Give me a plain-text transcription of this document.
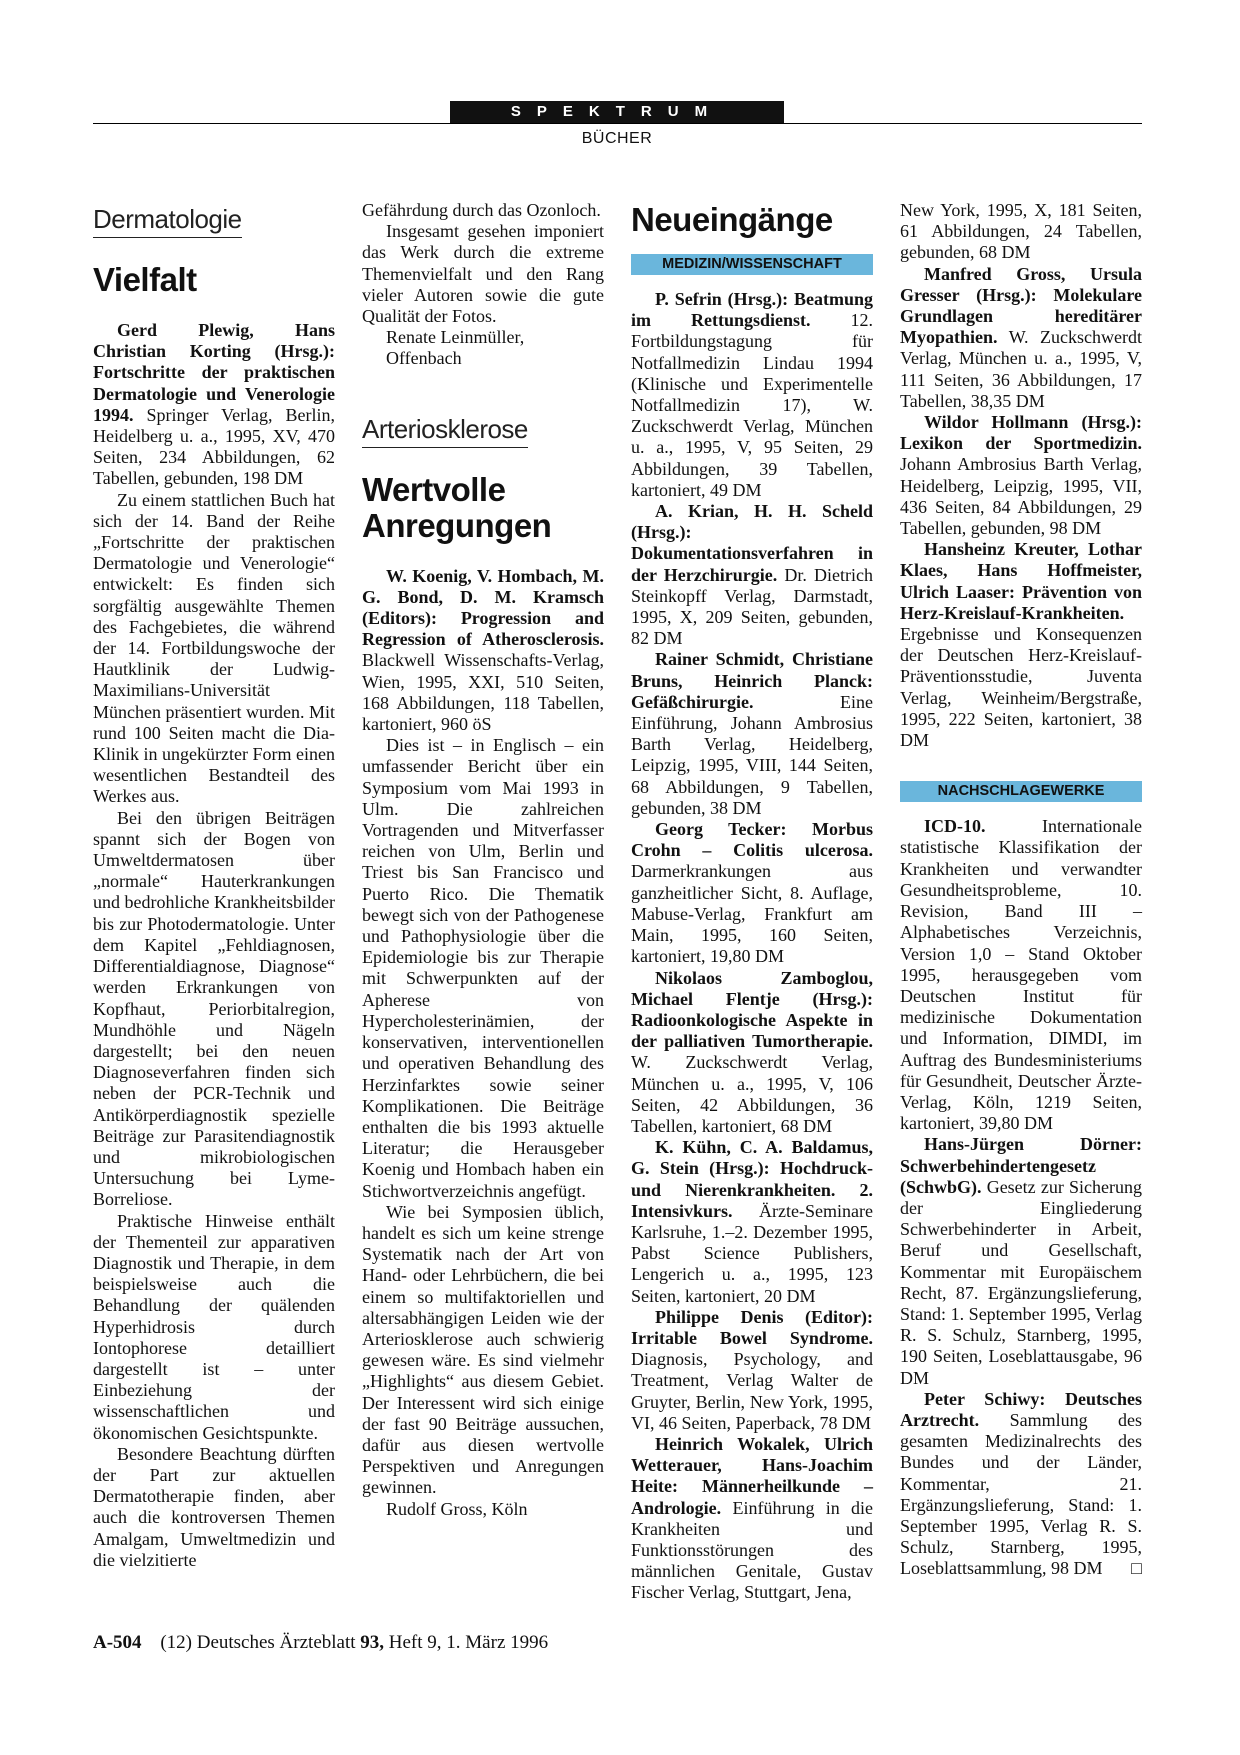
SPEKTRUM
BÜCHER
Dermatologie
Vielfalt

Gerd Plewig, Hans Christian Korting (Hrsg.): Fortschritte der praktischen Dermatologie und Venerologie 1994. Springer Verlag, Berlin, Heidelberg u. a., 1995, XV, 470 Seiten, 234 Abbildungen, 62 Tabellen, gebunden, 198 DM

Zu einem stattlichen Buch hat sich der 14. Band der Reihe „Fortschritte der praktischen Dermatologie und Venerologie“ entwickelt: Es finden sich sorgfältig ausgewählte Themen des Fachgebietes, die während der 14. Fortbildungswoche der Hautklinik der Ludwig-Maximilians-Universität München präsentiert wurden. Mit rund 100 Seiten macht die Dia-Klinik in ungekürzter Form einen wesentlichen Bestandteil des Werkes aus.

Bei den übrigen Beiträgen spannt sich der Bogen von Umweltdermatosen über „normale“ Hauterkrankungen und bedrohliche Krankheitsbilder bis zur Photodermatologie. Unter dem Kapitel „Fehldiagnosen, Differentialdiagnose, Diagnose“ werden Erkrankungen von Kopfhaut, Periorbitalregion, Mundhöhle und Nägeln dargestellt; bei den neuen Diagnoseverfahren finden sich neben der PCR-Technik und Antikörperdiagnostik spezielle Beiträge zur Parasitendiagnostik und mikrobiologischen Untersuchung bei Lyme-Borreliose.

Praktische Hinweise enthält der Thementeil zur apparativen Diagnostik und Therapie, in dem beispielsweise auch die Behandlung der quälenden Hyperhidrosis durch Iontophorese detailliert dargestellt ist – unter Einbeziehung der wissenschaftlichen und ökonomischen Gesichtspunkte.

Besondere Beachtung dürften der Part zur aktuellen Dermatotherapie finden, aber auch die kontroversen Themen Amalgam, Umweltmedizin und die vielzitierte

Gefährdung durch das Ozonloch.

Insgesamt gesehen imponiert das Werk durch die extreme Themenvielfalt und den Rang vieler Autoren sowie die gute Qualität der Fotos.

Renate Leinmüller,

Offenbach

Arteriosklerose
Wertvolle
Anregungen

W. Koenig, V. Hombach, M. G. Bond, D. M. Kramsch (Editors): Progression and Regression of Atherosclerosis. Blackwell Wissenschafts-Verlag, Wien, 1995, XXI, 510 Seiten, 168 Abbildungen, 118 Tabellen, kartoniert, 960 öS

Dies ist – in Englisch – ein umfassender Bericht über ein Symposium vom Mai 1993 in Ulm. Die zahlreichen Vortragenden und Mitverfasser reichen von Ulm, Berlin und Triest bis San Francisco und Puerto Rico. Die Thematik bewegt sich von der Pathogenese und Pathophysiologie über die Epidemiologie bis zur Therapie mit Schwerpunkten auf der Apherese von Hypercholesterinämien, der konservativen, interventionellen und operativen Behandlung des Herzinfarktes sowie seiner Komplikationen. Die Beiträge enthalten die bis 1993 aktuelle Literatur; die Herausgeber Koenig und Hombach haben ein Stichwortverzeichnis angefügt.

Wie bei Symposien üblich, handelt es sich um keine strenge Systematik nach der Art von Hand- oder Lehrbüchern, die bei einem so multifaktoriellen und altersabhängigen Leiden wie der Arteriosklerose auch schwierig gewesen wäre. Es sind vielmehr „Highlights“ aus diesem Gebiet. Der Interessent wird sich einige der fast 90 Beiträge aussuchen, dafür aus diesen wertvolle Perspektiven und Anregungen gewinnen.

Rudolf Gross, Köln

Neueingänge
MEDIZIN/WISSENSCHAFT

P. Sefrin (Hrsg.): Beatmung im Rettungsdienst. 12. Fortbildungstagung für Notfallmedizin Lindau 1994 (Klinische und Experimentelle Notfallmedizin 17), W. Zuckschwerdt Verlag, München u. a., 1995, V, 95 Seiten, 29 Abbildungen, 39 Tabellen, kartoniert, 49 DM

A. Krian, H. H. Scheld (Hrsg.): Dokumentationsverfahren in der Herzchirurgie. Dr. Dietrich Steinkopff Verlag, Darmstadt, 1995, X, 209 Seiten, gebunden, 82 DM

Rainer Schmidt, Christiane Bruns, Heinrich Planck: Gefäßchirurgie. Eine Einführung, Johann Ambrosius Barth Verlag, Heidelberg, Leipzig, 1995, VIII, 144 Seiten, 68 Abbildungen, 9 Tabellen, gebunden, 38 DM

Georg Tecker: Morbus Crohn – Colitis ulcerosa. Darmerkrankungen aus ganzheitlicher Sicht, 8. Auflage, Mabuse-Verlag, Frankfurt am Main, 1995, 160 Seiten, kartoniert, 19,80 DM

Nikolaos Zamboglou, Michael Flentje (Hrsg.): Radioonkologische Aspekte in der palliativen Tumortherapie. W. Zuckschwerdt Verlag, München u. a., 1995, V, 106 Seiten, 42 Abbildungen, 36 Tabellen, kartoniert, 68 DM

K. Kühn, C. A. Baldamus, G. Stein (Hrsg.): Hochdruck- und Nierenkrankheiten. 2. Intensivkurs. Ärzte-Seminare Karlsruhe, 1.–2. Dezember 1995, Pabst Science Publishers, Lengerich u. a., 1995, 123 Seiten, kartoniert, 20 DM

Philippe Denis (Editor): Irritable Bowel Syndrome. Diagnosis, Psychology, and Treatment, Verlag Walter de Gruyter, Berlin, New York, 1995, VI, 46 Seiten, Paperback, 78 DM

Heinrich Wokalek, Ulrich Wetterauer, Hans-Joachim Heite: Männerheilkunde – Andrologie. Einführung in die Krankheiten und Funktionsstörungen des männlichen Genitale, Gustav Fischer Verlag, Stuttgart, Jena,

New York, 1995, X, 181 Seiten, 61 Abbildungen, 24 Tabellen, gebunden, 68 DM

Manfred Gross, Ursula Gresser (Hrsg.): Molekulare Grundlagen hereditärer Myopathien. W. Zuckschwerdt Verlag, München u. a., 1995, V, 111 Seiten, 36 Abbildungen, 17 Tabellen, 38,35 DM

Wildor Hollmann (Hrsg.): Lexikon der Sportmedizin. Johann Ambrosius Barth Verlag, Heidelberg, Leipzig, 1995, VII, 436 Seiten, 84 Abbildungen, 29 Tabellen, gebunden, 98 DM

Hansheinz Kreuter, Lothar Klaes, Hans Hoffmeister, Ulrich Laaser: Prävention von Herz-Kreislauf-Krankheiten. Ergebnisse und Konsequenzen der Deutschen Herz-Kreislauf-Präventionsstudie, Juventa Verlag, Weinheim/Bergstraße, 1995, 222 Seiten, kartoniert, 38 DM

NACHSCHLAGEWERKE

ICD-10. Internationale statistische Klassifikation der Krankheiten und verwandter Gesundheitsprobleme, 10. Revision, Band III – Alphabetisches Verzeichnis, Version 1,0 – Stand Oktober 1995, herausgegeben vom Deutschen Institut für medizinische Dokumentation und Information, DIMDI, im Auftrag des Bundesministeriums für Gesundheit, Deutscher Ärzte-Verlag, Köln, 1219 Seiten, kartoniert, 39,80 DM

Hans-Jürgen Dörner: Schwerbehindertengesetz (SchwbG). Gesetz zur Sicherung der Eingliederung Schwerbehinderter in Arbeit, Beruf und Gesellschaft, Kommentar mit Europäischem Recht, 87. Ergänzungslieferung, Stand: 1. September 1995, Verlag R. S. Schulz, Starnberg, 1995, 190 Seiten, Loseblattausgabe, 96 DM

Peter Schiwy: Deutsches Arztrecht. Sammlung des gesamten Medizinalrechts des Bundes und der Länder, Kommentar, 21. Ergänzungslieferung, Stand: 1. September 1995, Verlag R. S. Schulz, Starnberg, 1995, Loseblattsammlung, 98 DM	□

A-504 (12) Deutsches Ärzteblatt 93, Heft 9, 1. März 1996
